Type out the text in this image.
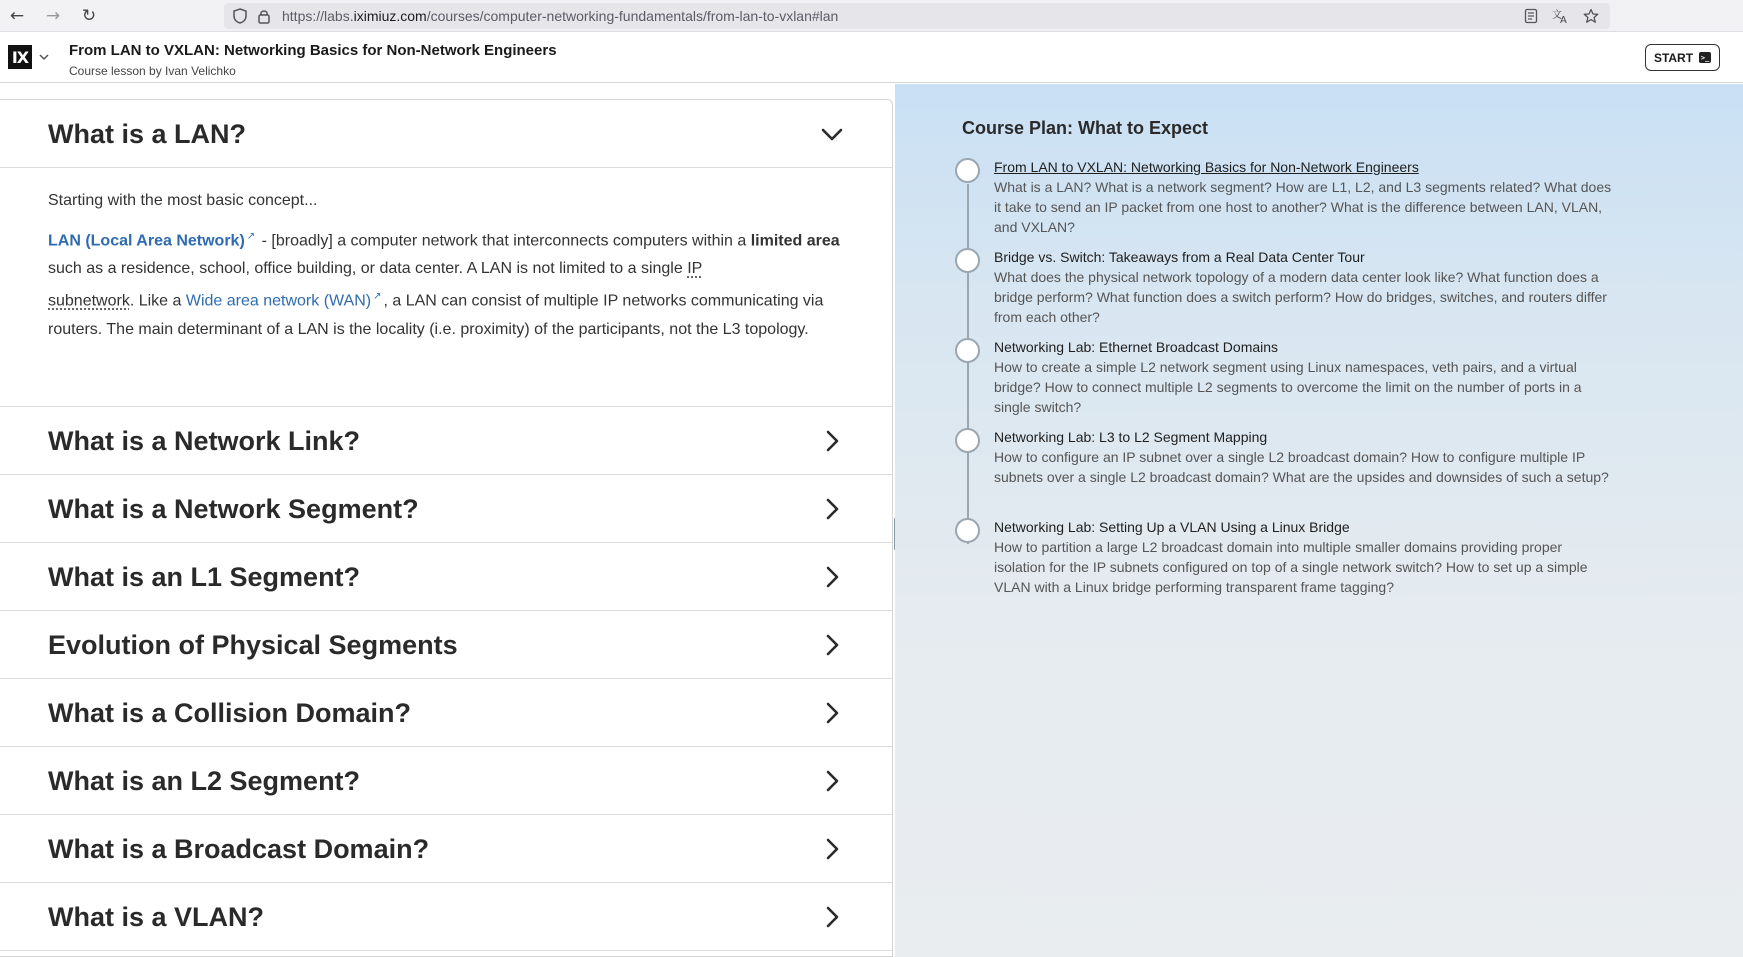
←	→	↻	https://labs.iximiuz.com/courses/computer-networking-fundamentals/from-lan-to-vxlan#lan	文
A
IX	From LAN to VXLAN: Networking Basics for Non-Network Engineers
Course lesson by Ivan Velichko
START >_
What is a LAN?
Starting with the most basic concept...
LAN (Local Area Network) ↗ - [broadly] a computer network that interconnects computers within a limited area such as a residence, school, office building, or data center. A LAN is not limited to a single IP
subnetwork. Like a Wide area network (WAN) ↗ , a LAN can consist of multiple IP networks communicating via routers. The main determinant of a LAN is the locality (i.e. proximity) of the participants, not the L3 topology.
What is a Network Link?
What is a Network Segment?
What is an L1 Segment?
Evolution of Physical Segments
What is a Collision Domain?
What is an L2 Segment?
What is a Broadcast Domain?
What is a VLAN?
Course Plan: What to Expect
From LAN to VXLAN: Networking Basics for Non-Network Engineers
What is a LAN? What is a network segment? How are L1, L2, and L3 segments related? What does it take to send an IP packet from one host to another? What is the difference between LAN, VLAN, and VXLAN?
Bridge vs. Switch: Takeaways from a Real Data Center Tour
What does the physical network topology of a modern data center look like? What function does a bridge perform? What function does a switch perform? How do bridges, switches, and routers differ from each other?
Networking Lab: Ethernet Broadcast Domains
How to create a simple L2 network segment using Linux namespaces, veth pairs, and a virtual bridge? How to connect multiple L2 segments to overcome the limit on the number of ports in a single switch?
Networking Lab: L3 to L2 Segment Mapping
How to configure an IP subnet over a single L2 broadcast domain? How to configure multiple IP subnets over a single L2 broadcast domain? What are the upsides and downsides of such a setup?
Networking Lab: Setting Up a VLAN Using a Linux Bridge
How to partition a large L2 broadcast domain into multiple smaller domains providing proper isolation for the IP subnets configured on top of a single network switch? How to set up a simple VLAN with a Linux bridge performing transparent frame tagging?
